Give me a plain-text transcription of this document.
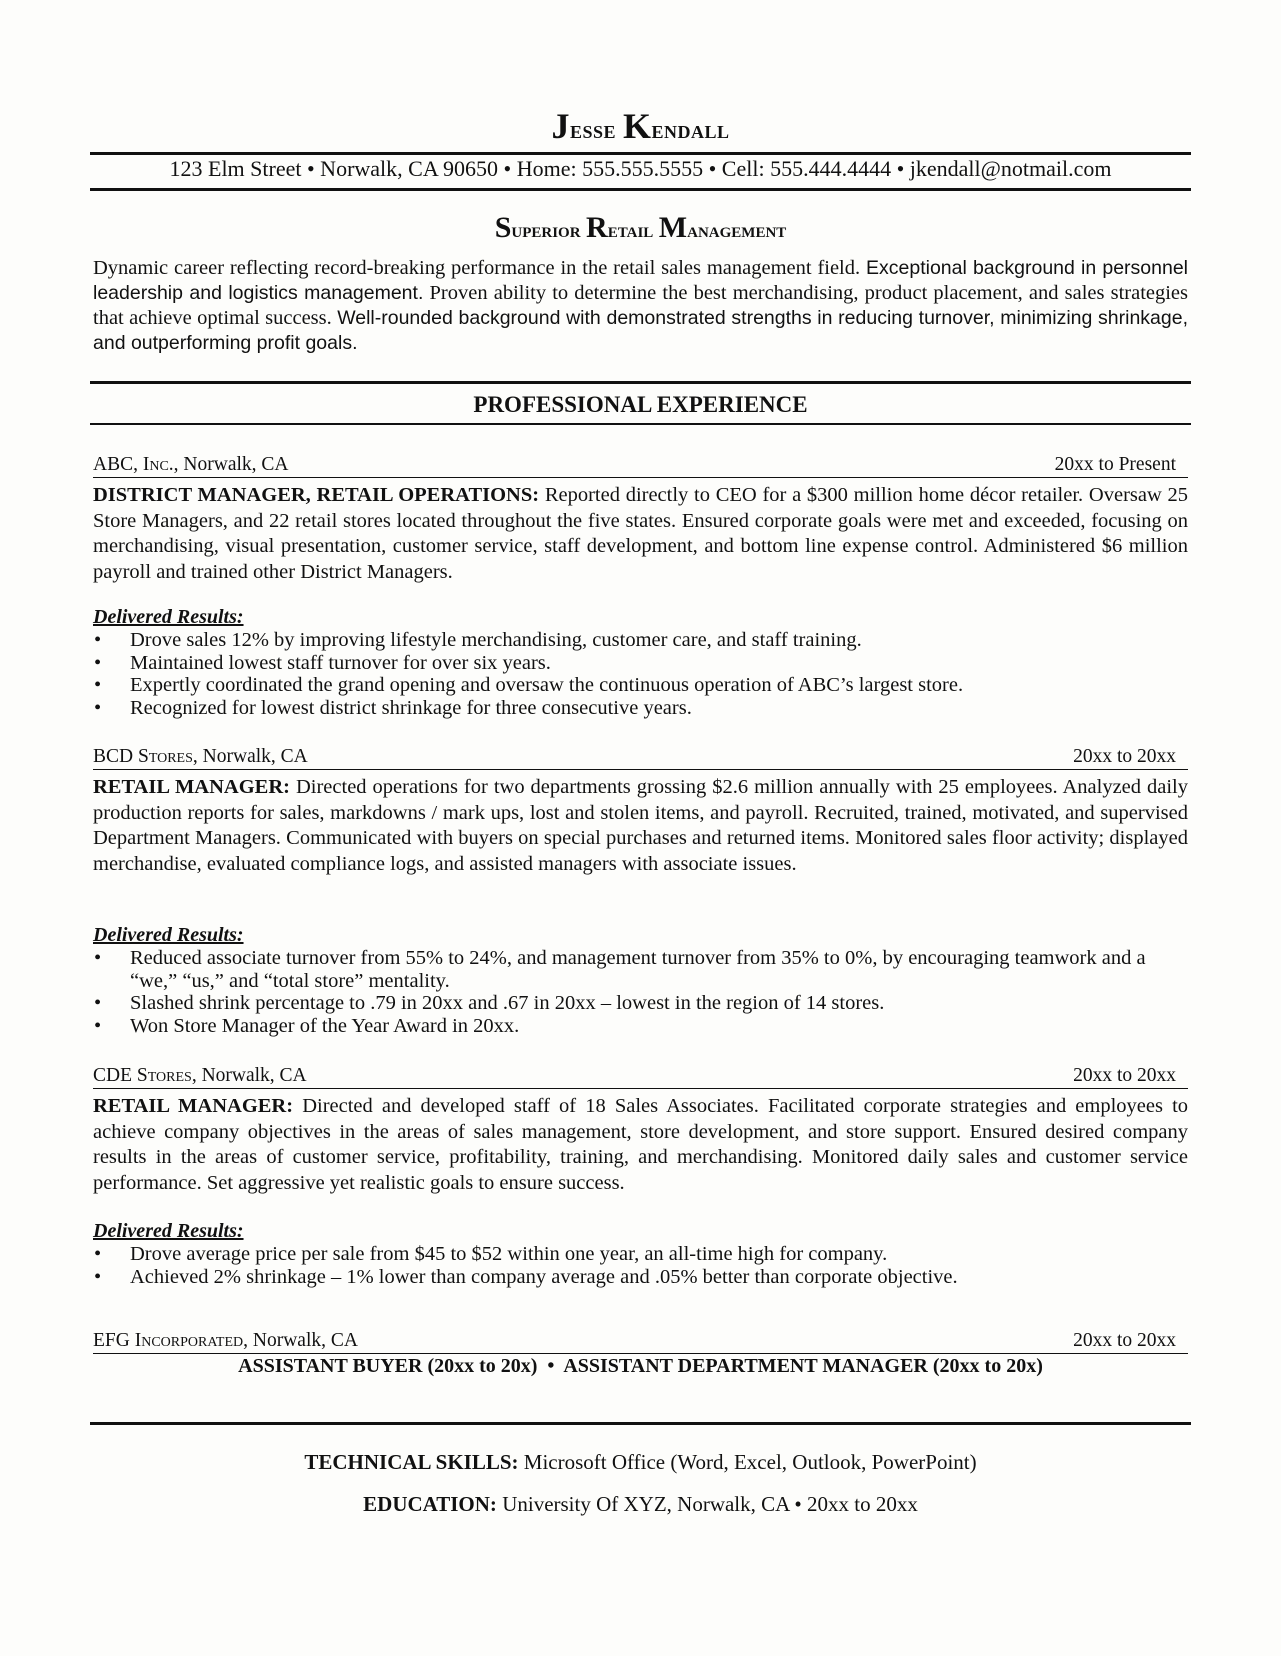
Jesse Kendall
123 Elm Street • Norwalk, CA 90650 • Home: 555.555.5555 • Cell: 555.444.4444 • jkendall@notmail.com
Superior Retail Management
Dynamic career reflecting record-breaking performance in the retail sales management field. Exceptional background in personnel leadership and logistics management. Proven ability to determine the best merchandising, product placement, and sales strategies that achieve optimal success. Well-rounded background with demonstrated strengths in reducing turnover, minimizing shrinkage, and outperforming profit goals.
PROFESSIONAL EXPERIENCE
ABC, Inc., Norwalk, CA	20xx to Present
DISTRICT MANAGER, RETAIL OPERATIONS: Reported directly to CEO for a $300 million home décor retailer. Oversaw 25 Store Managers, and 22 retail stores located throughout the five states. Ensured corporate goals were met and exceeded, focusing on merchandising, visual presentation, customer service, staff development, and bottom line expense control. Administered $6 million payroll and trained other District Managers.
Delivered Results:
• Drove sales 12% by improving lifestyle merchandising, customer care, and staff training.
• Maintained lowest staff turnover for over six years.
• Expertly coordinated the grand opening and oversaw the continuous operation of ABC’s largest store.
• Recognized for lowest district shrinkage for three consecutive years.
BCD Stores, Norwalk, CA	20xx to 20xx
RETAIL MANAGER: Directed operations for two departments grossing $2.6 million annually with 25 employees. Analyzed daily production reports for sales, markdowns / mark ups, lost and stolen items, and payroll. Recruited, trained, motivated, and supervised Department Managers. Communicated with buyers on special purchases and returned items. Monitored sales floor activity; displayed merchandise, evaluated compliance logs, and assisted managers with associate issues.
Delivered Results:
• Reduced associate turnover from 55% to 24%, and management turnover from 35% to 0%, by encouraging teamwork and a “we,” “us,” and “total store” mentality.
• Slashed shrink percentage to .79 in 20xx and .67 in 20xx – lowest in the region of 14 stores.
• Won Store Manager of the Year Award in 20xx.
CDE Stores, Norwalk, CA	20xx to 20xx
RETAIL MANAGER: Directed and developed staff of 18 Sales Associates. Facilitated corporate strategies and employees to achieve company objectives in the areas of sales management, store development, and store support. Ensured desired company results in the areas of customer service, profitability, training, and merchandising. Monitored daily sales and customer service performance. Set aggressive yet realistic goals to ensure success.
Delivered Results:
• Drove average price per sale from $45 to $52 within one year, an all-time high for company.
• Achieved 2% shrinkage – 1% lower than company average and .05% better than corporate objective.
EFG Incorporated, Norwalk, CA	20xx to 20xx
ASSISTANT BUYER (20xx to 20x)  •  ASSISTANT DEPARTMENT MANAGER (20xx to 20x)
TECHNICAL SKILLS: Microsoft Office (Word, Excel, Outlook, PowerPoint)
EDUCATION: University Of XYZ, Norwalk, CA • 20xx to 20xx
